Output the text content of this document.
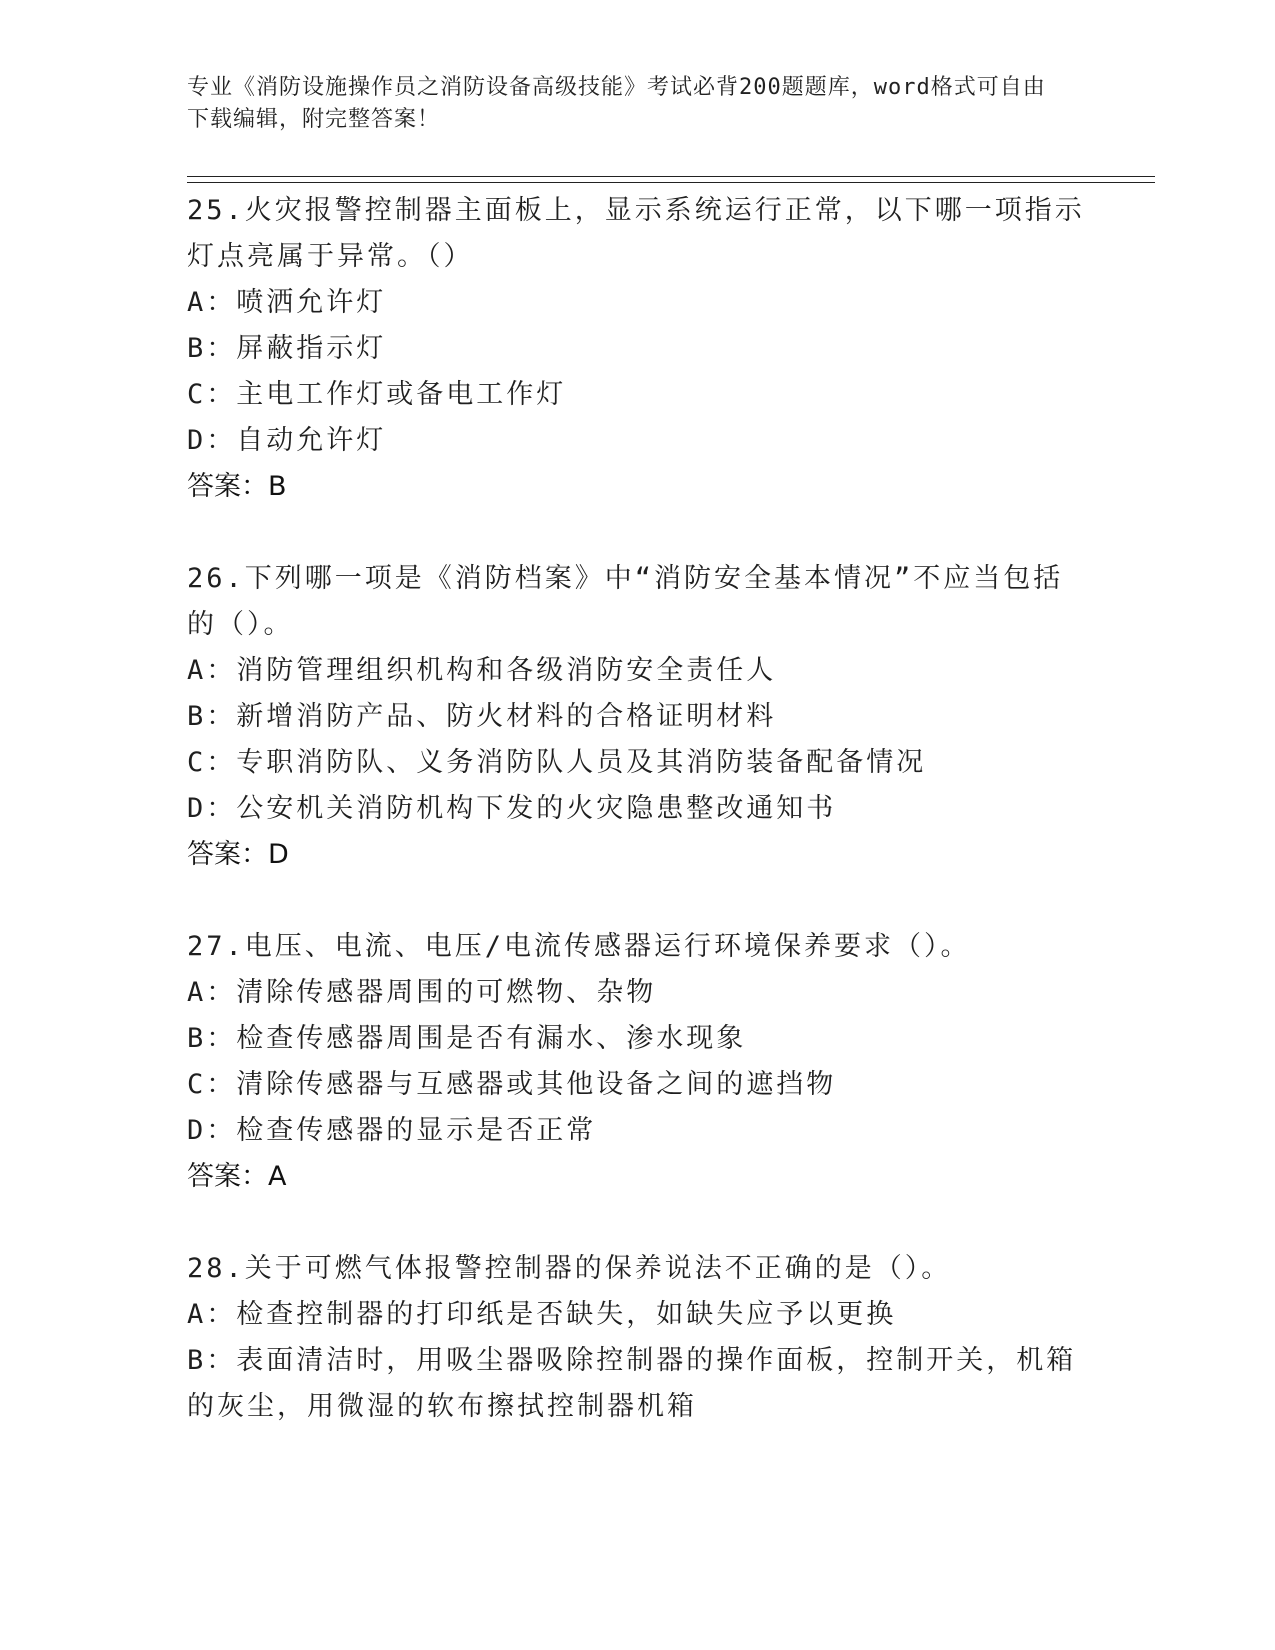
专业《消防设施操作员之消防设备高级技能》考试必背200题题库，word格式可自由下载编辑，附完整答案！
25.火灾报警控制器主面板上，显示系统运行正常，以下哪一项指示灯点亮属于异常。（）
A：喷洒允许灯
B：屏蔽指示灯
C：主电工作灯或备电工作灯
D：自动允许灯
答案：B
26.下列哪一项是《消防档案》中“消防安全基本情况”不应当包括的（）。
A：消防管理组织机构和各级消防安全责任人
B：新增消防产品、防火材料的合格证明材料
C：专职消防队、义务消防队人员及其消防装备配备情况
D：公安机关消防机构下发的火灾隐患整改通知书
答案：D
27.电压、电流、电压/电流传感器运行环境保养要求（）。
A：清除传感器周围的可燃物、杂物
B：检查传感器周围是否有漏水、渗水现象
C：清除传感器与互感器或其他设备之间的遮挡物
D：检查传感器的显示是否正常
答案：A
28.关于可燃气体报警控制器的保养说法不正确的是（）。
A：检查控制器的打印纸是否缺失，如缺失应予以更换
B：表面清洁时，用吸尘器吸除控制器的操作面板，控制开关，机箱的灰尘，用微湿的软布擦拭控制器机箱
